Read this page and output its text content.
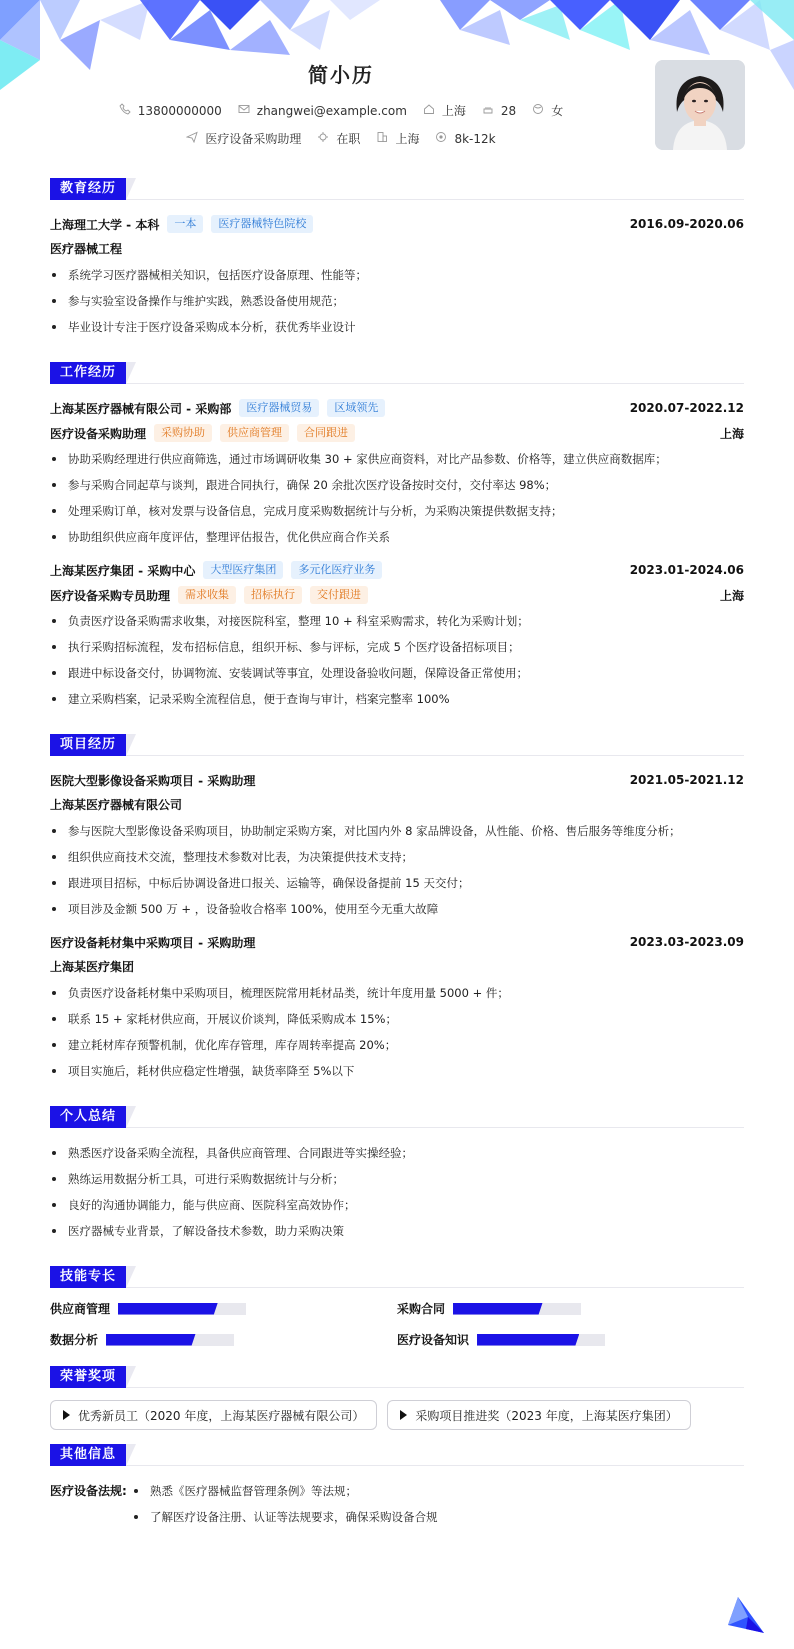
简小历
13800000000	zhangwei@example.com	上海	28	女
医疗设备采购助理	在职	上海	8k-12k
教育经历
上海理工大学 - 本科	一本	医疗器械特色院校	2016.09-2020.06
医疗器械工程
系统学习医疗器械相关知识，包括医疗设备原理、性能等；
参与实验室设备操作与维护实践，熟悉设备使用规范；
毕业设计专注于医疗设备采购成本分析，获优秀毕业设计
工作经历
上海某医疗器械有限公司 - 采购部	医疗器械贸易	区域领先	2020.07-2022.12
医疗设备采购助理	采购协助	供应商管理	合同跟进	上海
协助采购经理进行供应商筛选，通过市场调研收集 30 + 家供应商资料，对比产品参数、价格等，建立供应商数据库；
参与采购合同起草与谈判，跟进合同执行，确保 20 余批次医疗设备按时交付，交付率达 98%；
处理采购订单，核对发票与设备信息，完成月度采购数据统计与分析，为采购决策提供数据支持；
协助组织供应商年度评估，整理评估报告，优化供应商合作关系
上海某医疗集团 - 采购中心	大型医疗集团	多元化医疗业务	2023.01-2024.06
医疗设备采购专员助理	需求收集	招标执行	交付跟进	上海
负责医疗设备采购需求收集，对接医院科室，整理 10 + 科室采购需求，转化为采购计划；
执行采购招标流程，发布招标信息，组织开标、参与评标，完成 5 个医疗设备招标项目；
跟进中标设备交付，协调物流、安装调试等事宜，处理设备验收问题，保障设备正常使用；
建立采购档案，记录采购全流程信息，便于查询与审计，档案完整率 100%
项目经历
医院大型影像设备采购项目 - 采购助理	2021.05-2021.12
上海某医疗器械有限公司
参与医院大型影像设备采购项目，协助制定采购方案，对比国内外 8 家品牌设备，从性能、价格、售后服务等维度分析；
组织供应商技术交流，整理技术参数对比表，为决策提供技术支持；
跟进项目招标，中标后协调设备进口报关、运输等，确保设备提前 15 天交付；
项目涉及金额 500 万 + ，设备验收合格率 100%，使用至今无重大故障
医疗设备耗材集中采购项目 - 采购助理	2023.03-2023.09
上海某医疗集团
负责医疗设备耗材集中采购项目，梳理医院常用耗材品类，统计年度用量 5000 + 件；
联系 15 + 家耗材供应商，开展议价谈判，降低采购成本 15%；
建立耗材库存预警机制，优化库存管理，库存周转率提高 20%；
项目实施后，耗材供应稳定性增强，缺货率降至 5%以下
个人总结
熟悉医疗设备采购全流程，具备供应商管理、合同跟进等实操经验；
熟练运用数据分析工具，可进行采购数据统计与分析；
良好的沟通协调能力，能与供应商、医院科室高效协作；
医疗器械专业背景，了解设备技术参数，助力采购决策
技能专长
供应商管理	采购合同
数据分析	医疗设备知识
荣誉奖项
优秀新员工（2020 年度，上海某医疗器械有限公司）	采购项目推进奖（2023 年度，上海某医疗集团）
其他信息
医疗设备法规:	熟悉《医疗器械监督管理条例》等法规；
了解医疗设备注册、认证等法规要求，确保采购设备合规
